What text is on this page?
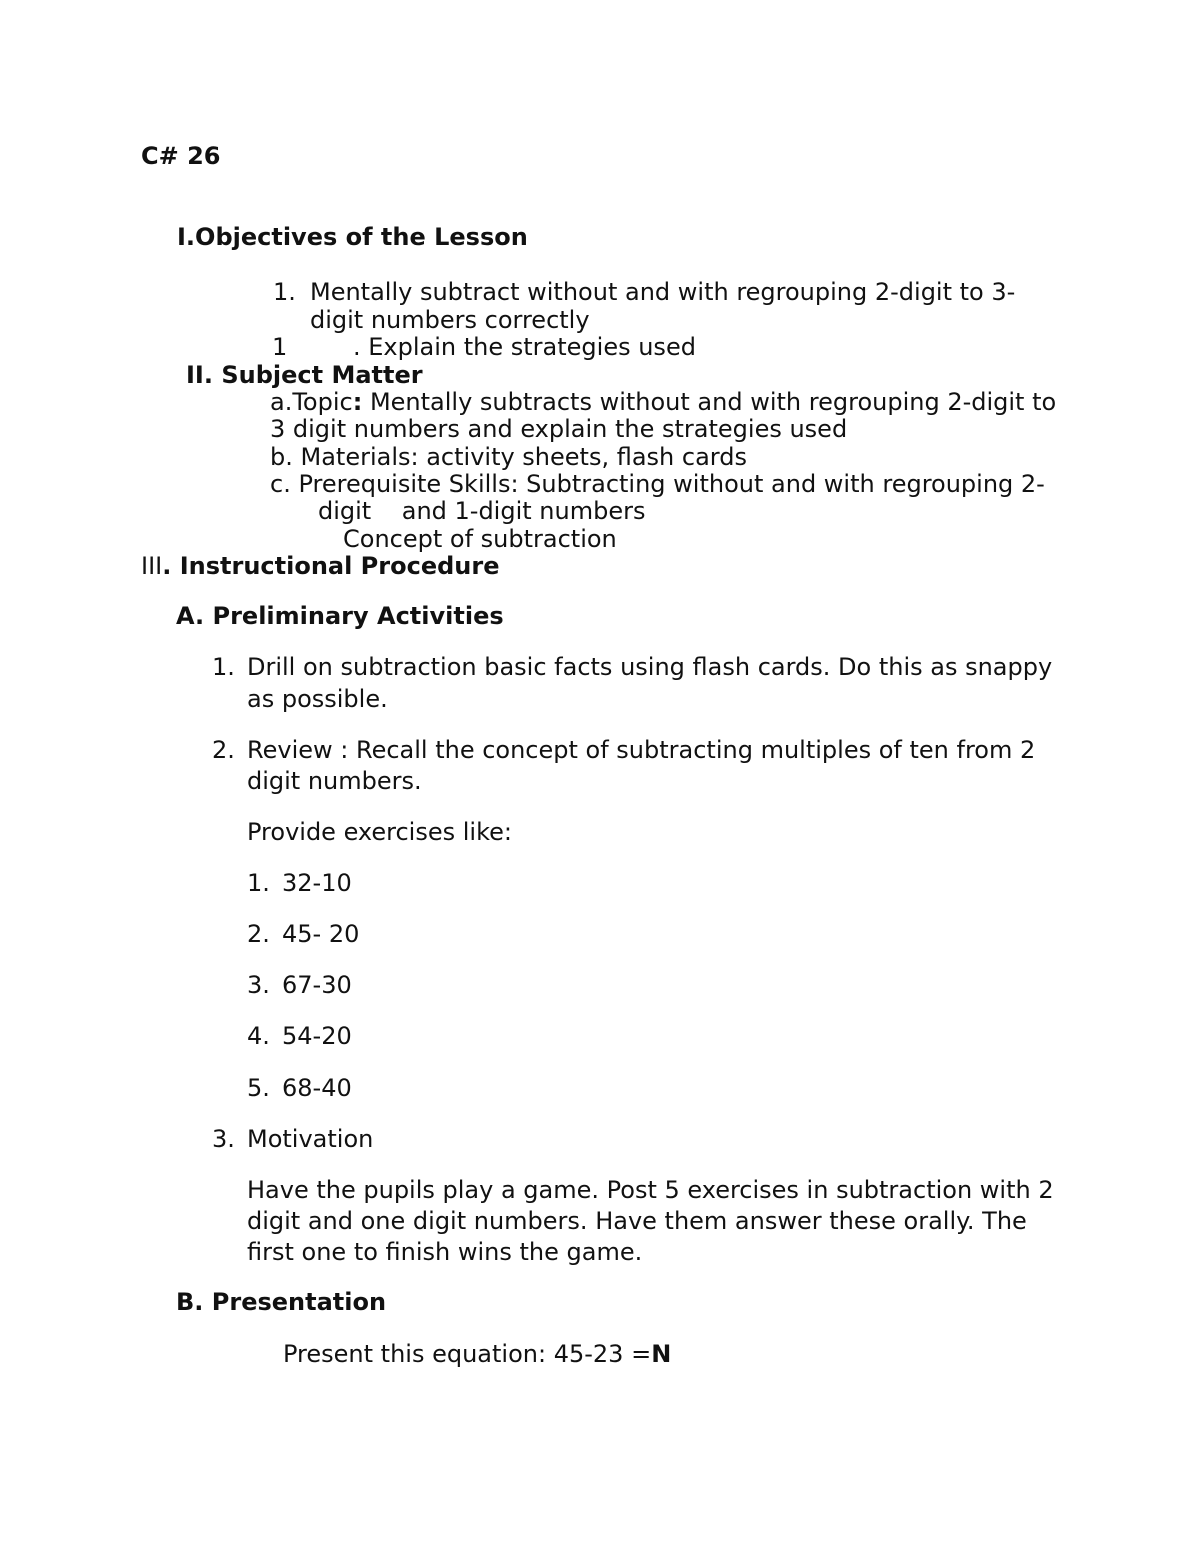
C# 26
I.Objectives of the Lesson
1. Mentally subtract without and with regrouping 2-digit to 3-
digit numbers correctly
1	. Explain the strategies used
II. Subject Matter
a.Topic: Mentally subtracts without and with regrouping 2-digit to
3 digit numbers and explain the strategies used
b. Materials: activity sheets, flash cards
c. Prerequisite Skills: Subtracting without and with regrouping 2-
digit    and 1-digit numbers
Concept of subtraction
III. Instructional Procedure
A. Preliminary Activities
1. Drill on subtraction basic facts using flash cards. Do this as snappy
as possible.
2. Review : Recall the concept of subtracting multiples of ten from 2
digit numbers.
Provide exercises like:
1. 32-10
2. 45- 20
3. 67-30
4. 54-20
5. 68-40
3. Motivation
Have the pupils play a game. Post 5 exercises in subtraction with 2
digit and one digit numbers. Have them answer these orally. The
first one to finish wins the game.
B. Presentation
Present this equation: 45-23 =N
